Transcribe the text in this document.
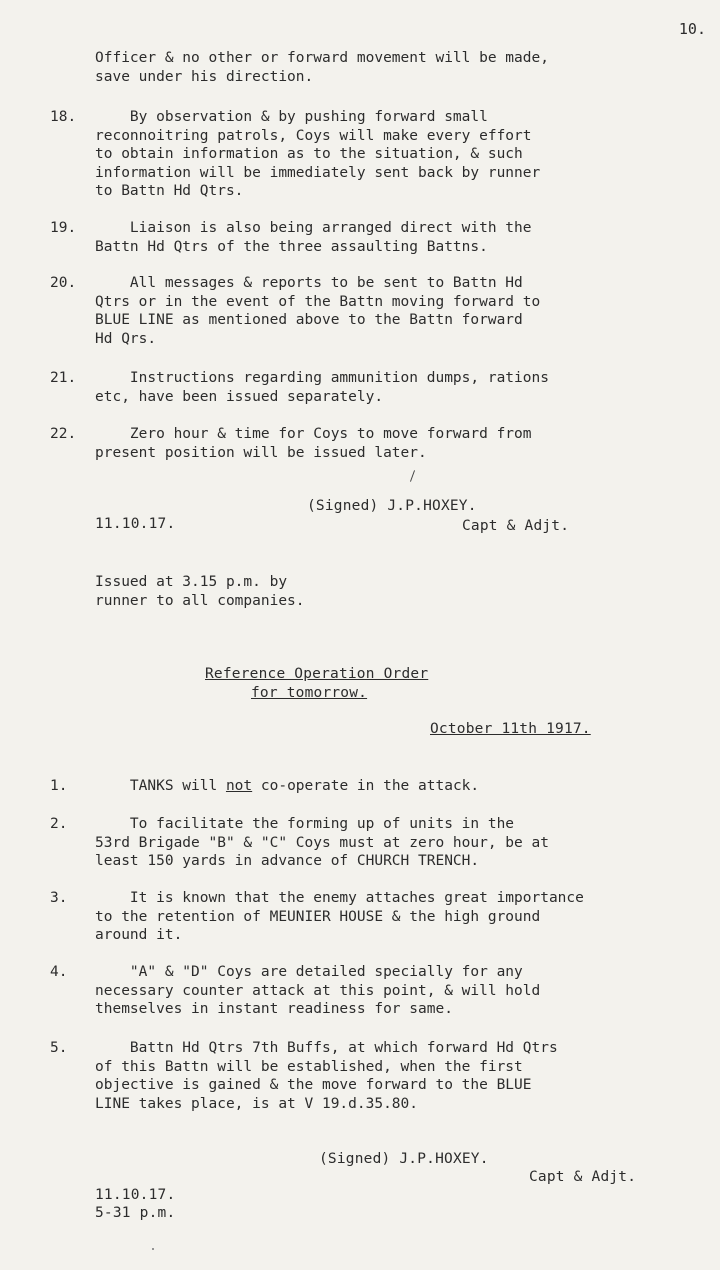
10.
Officer & no other or forward movement will be made,
save under his direction.
18. By observation & by pushing forward small
reconnoitring patrols, Coys will make every effort
to obtain information as to the situation, & such
information will be immediately sent back by runner
to Battn Hd Qtrs.
19. Liaison is also being arranged direct with the
Battn Hd Qtrs of the three assaulting Battns.
20. All messages & reports to be sent to Battn Hd
Qtrs or in the event of the Battn moving forward to
BLUE LINE as mentioned above to the Battn forward
Hd Qrs.
21. Instructions regarding ammunition dumps, rations
etc, have been issued separately.
22. Zero hour & time for Coys to move forward from
present position will be issued later.
(Signed) J.P.HOXEY.
11.10.17.	Capt & Adjt.
Issued at 3.15 p.m. by
runner to all companies.
Reference Operation Order
for tomorrow.
October 11th 1917.
1. TANKS will not co-operate in the attack.
2. To facilitate the forming up of units in the
53rd Brigade "B" & "C" Coys must at zero hour, be at
least 150 yards in advance of CHURCH TRENCH.
3. It is known that the enemy attaches great importance
to the retention of MEUNIER HOUSE & the high ground
around it.
4. "A" & "D" Coys are detailed specially for any
necessary counter attack at this point, & will hold
themselves in instant readiness for same.
5. Battn Hd Qtrs 7th Buffs, at which forward Hd Qtrs
of this Battn will be established, when the first
objective is gained & the move forward to the BLUE
LINE takes place, is at V 19.d.35.80.
(Signed) J.P.HOXEY.
Capt & Adjt.
11.10.17.
5-31 p.m.
